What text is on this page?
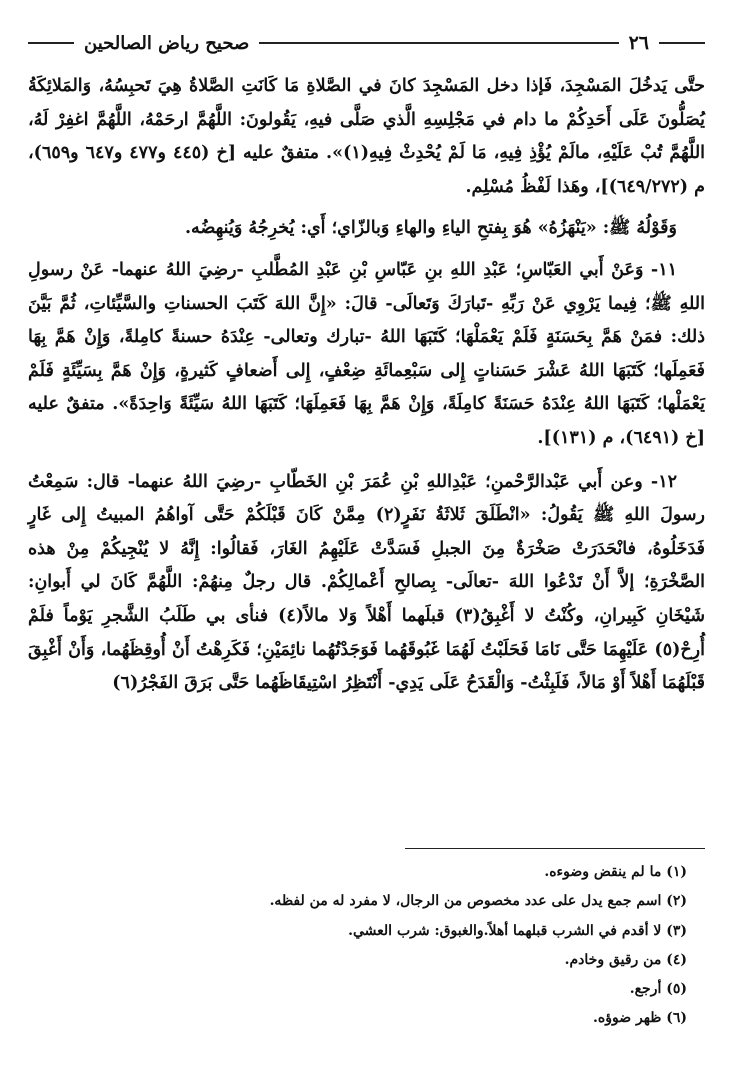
٢٦
صحيح رياض الصالحين

حتَّى يَدخُلَ المَسْجِدَ، فَإذا دخل المَسْجِدَ كانَ في الصَّلاةِ مَا كَانَتِ الصَّلاةُ هِيَ تَحبِسُهُ، وَالمَلائِكَةُ يُصَلُّونَ عَلَى أَحَدِكُمْ ما دام في مَجْلِسِهِ الَّذي صَلَّى فيهِ، يَقُولونَ: اللَّهُمَّ ارحَمْهُ، اللَّهُمَّ اغفِرْ لَهُ، اللَّهُمَّ تُبْ عَلَيْهِ، مالَمْ يُؤْذِ فِيهِ، مَا لَمْ يُحْدِثْ فِيهِ(١)». متفقٌ عليه [خ (٤٤٥ و٤٧٧ و٦٤٧ و٦٥٩)، م (٦٤٩/٢٧٢)]، وهَذا لَفْظُ مُسْلِم.

وَقَوْلُهُ ﷺ: «يَنْهَزُهُ» هُوَ بِفتحِ الياءِ والهاءِ وَبالزّاي؛ أَي: يُخرِجُهُ وَيُنهِضُه.

١١- وَعَنْ أَبي العَبّاسِ؛ عَبْدِ اللهِ بنِ عَبّاسِ بْنِ عَبْدِ المُطَّلبِ -رضِيَ اللهُ عنهما- عَنْ رسولِ اللهِ ﷺ؛ فِيما يَرْوِي عَنْ رَبِّهِ -تَبارَكَ وَتَعالَى- قالَ: «إِنَّ اللهَ كَتَبَ الحسناتِ والسَّيِّئاتِ، ثُمَّ بَيَّنَ ذلك: فمَنْ هَمَّ بِحَسَنَةٍ فَلَمْ يَعْمَلْهَا؛ كَتَبَهَا اللهُ -تبارك وتعالى- عِنْدَهُ حسنةً كامِلةً، وَإِنْ هَمَّ بِهَا فَعَمِلَها؛ كَتَبَهَا اللهُ عَشْرَ حَسَناتٍ إِلى سَبْعِمائَةِ ضِعْفٍ، إِلى أَضعافٍ كَثيرةٍ، وَإِنْ هَمَّ بِسَيِّئَةٍ فَلَمْ يَعْمَلْها؛ كَتَبَهَا اللهُ عِنْدَهُ حَسَنَةً كامِلَةً، وَإِنْ هَمَّ بِهَا فَعَمِلَهَا؛ كَتَبَهَا اللهُ سَيِّئَةً وَاحِدَةً». متفقٌ عليه [خ (٦٤٩١)، م (١٣١)].

١٢- وعن أَبي عَبْدالرَّحْمنِ؛ عَبْدِاللهِ بْنِ عُمَرَ بْنِ الخَطّابِ -رضِيَ اللهُ عنهما- قال: سَمِعْتُ رسولَ اللهِ ﷺ يَقُولُ: «انْطَلَقَ ثَلاثَةُ نَفَرٍ(٢) مِمَّنْ كَانَ قَبْلَكُمْ حَتَّى آواهُمُ المبيتُ إِلى غَارٍ فَدَخَلُوهُ، فانْحَدَرَتْ صَخْرَةٌ مِنَ الجبلِ فَسَدَّتْ عَلَيْهِمُ الغَارَ، فَقالُوا: إِنَّهُ لا يُنْجِيكُمْ مِنْ هذه الصَّخْرَةِ؛ إلاَّ أَنْ تَدْعُوا اللهَ -تعالَى- بِصالحِ أَعْمالِكُمْ. قال رجلٌ مِنهُمْ: اللَّهُمَّ كَانَ لي أَبوانِ: شَيْخَانِ كَبِيرانِ، وكُنْتُ لا أَغْبِقُ(٣) قبلَهما أَهْلاً وَلا مالاً(٤) فنأى بي طَلَبُ الشَّجرِ يَوْماً فلَمْ أُرِحْ(٥) عَلَيْهِمَا حَتَّى نَامَا فَحَلَبْتُ لَهُمَا غَبُوقَهُما فَوَجَدْتُهُما نائِمَيْنِ؛ فَكَرِهْتُ أَنْ أُوقِظَهُما، وَأَنْ أَغْبِقَ قَبْلَهُمَا أَهْلاً أَوْ مَالاً، فَلَبِثْتُ- وَالْقَدَحُ عَلَى يَدِي- أَنْتَظِرُ اسْتِيقَاظَهُما حَتَّى بَرَقَ الفَجْرُ(٦)

(١) ما لم ينقض وضوءه.
(٢) اسم جمع يدل على عدد مخصوص من الرجال، لا مفرد له من لفظه.
(٣) لا أقدم في الشرب قبلهما أهلاً.والغبوق: شرب العشي.
(٤) من رقيق وخادم.
(٥) أرجع.
(٦) ظهر ضوؤه.
